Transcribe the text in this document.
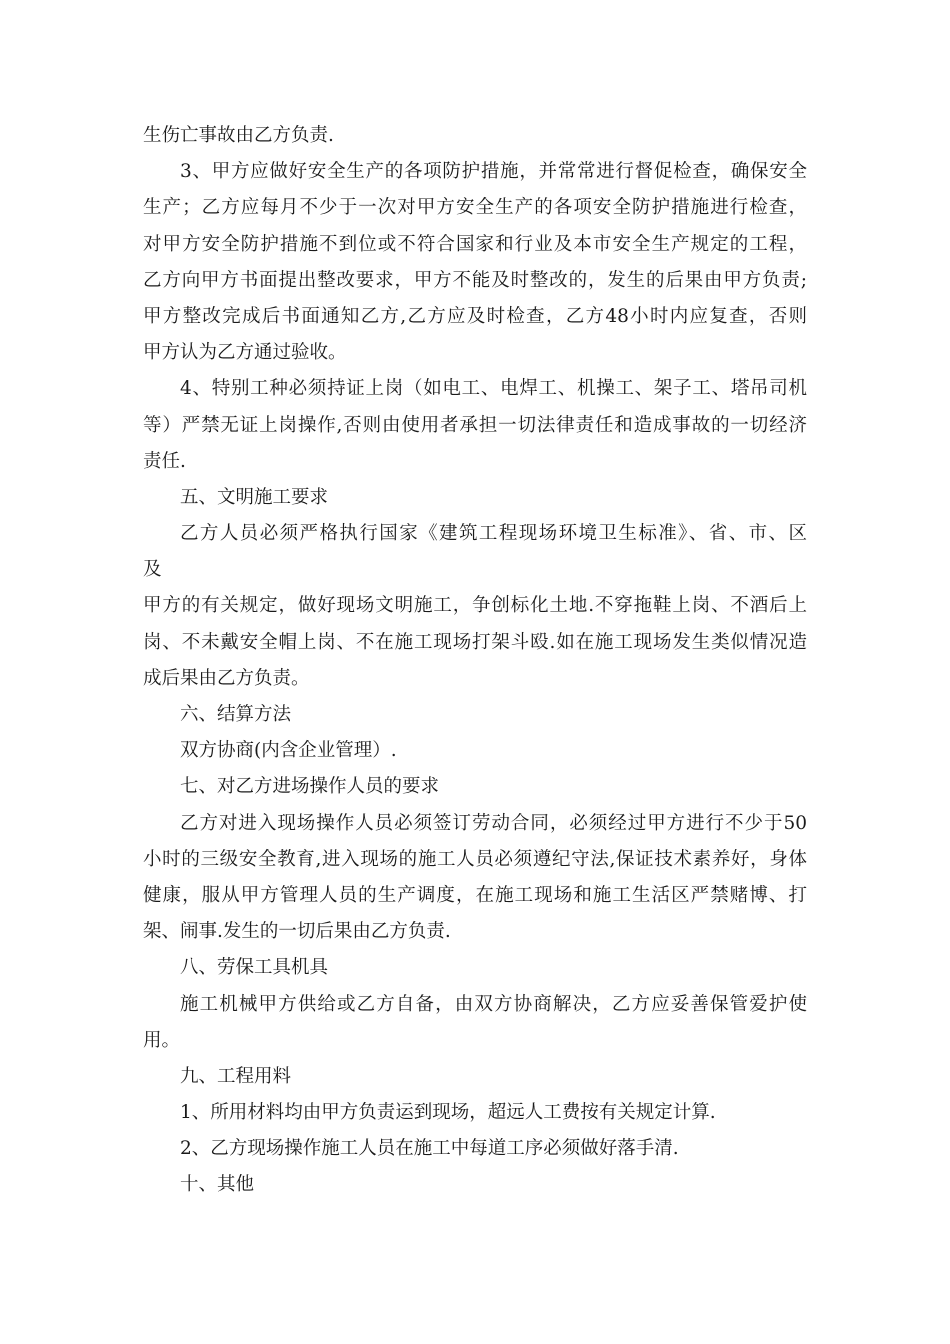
生伤亡事故由乙方负责.
3、甲方应做好安全生产的各项防护措施，并常常进行督促检查，确保安全
生产；乙方应每月不少于一次对甲方安全生产的各项安全防护措施进行检查，
对甲方安全防护措施不到位或不符合国家和行业及本市安全生产规定的工程，
乙方向甲方书面提出整改要求，甲方不能及时整改的，发生的后果由甲方负责;
甲方整改完成后书面通知乙方,乙方应及时检查，乙方48小时内应复查，否则
甲方认为乙方通过验收。
4、特别工种必须持证上岗（如电工、电焊工、机操工、架子工、塔吊司机
等）严禁无证上岗操作,否则由使用者承担一切法律责任和造成事故的一切经济
责任.
五、文明施工要求
乙方人员必须严格执行国家《建筑工程现场环境卫生标准》、省、市、区
及
甲方的有关规定，做好现场文明施工，争创标化土地.不穿拖鞋上岗、不酒后上
岗、不未戴安全帽上岗、不在施工现场打架斗殴.如在施工现场发生类似情况造
成后果由乙方负责。
六、结算方法
双方协商(内含企业管理）.
七、对乙方进场操作人员的要求
乙方对进入现场操作人员必须签订劳动合同，必须经过甲方进行不少于50
小时的三级安全教育,进入现场的施工人员必须遵纪守法,保证技术素养好，身体
健康，服从甲方管理人员的生产调度，在施工现场和施工生活区严禁赌博、打
架、闹事.发生的一切后果由乙方负责.
八、劳保工具机具
施工机械甲方供给或乙方自备，由双方协商解决，乙方应妥善保管爱护使
用。
九、工程用料
1、所用材料均由甲方负责运到现场，超远人工费按有关规定计算.
2、乙方现场操作施工人员在施工中每道工序必须做好落手清.
十、其他
